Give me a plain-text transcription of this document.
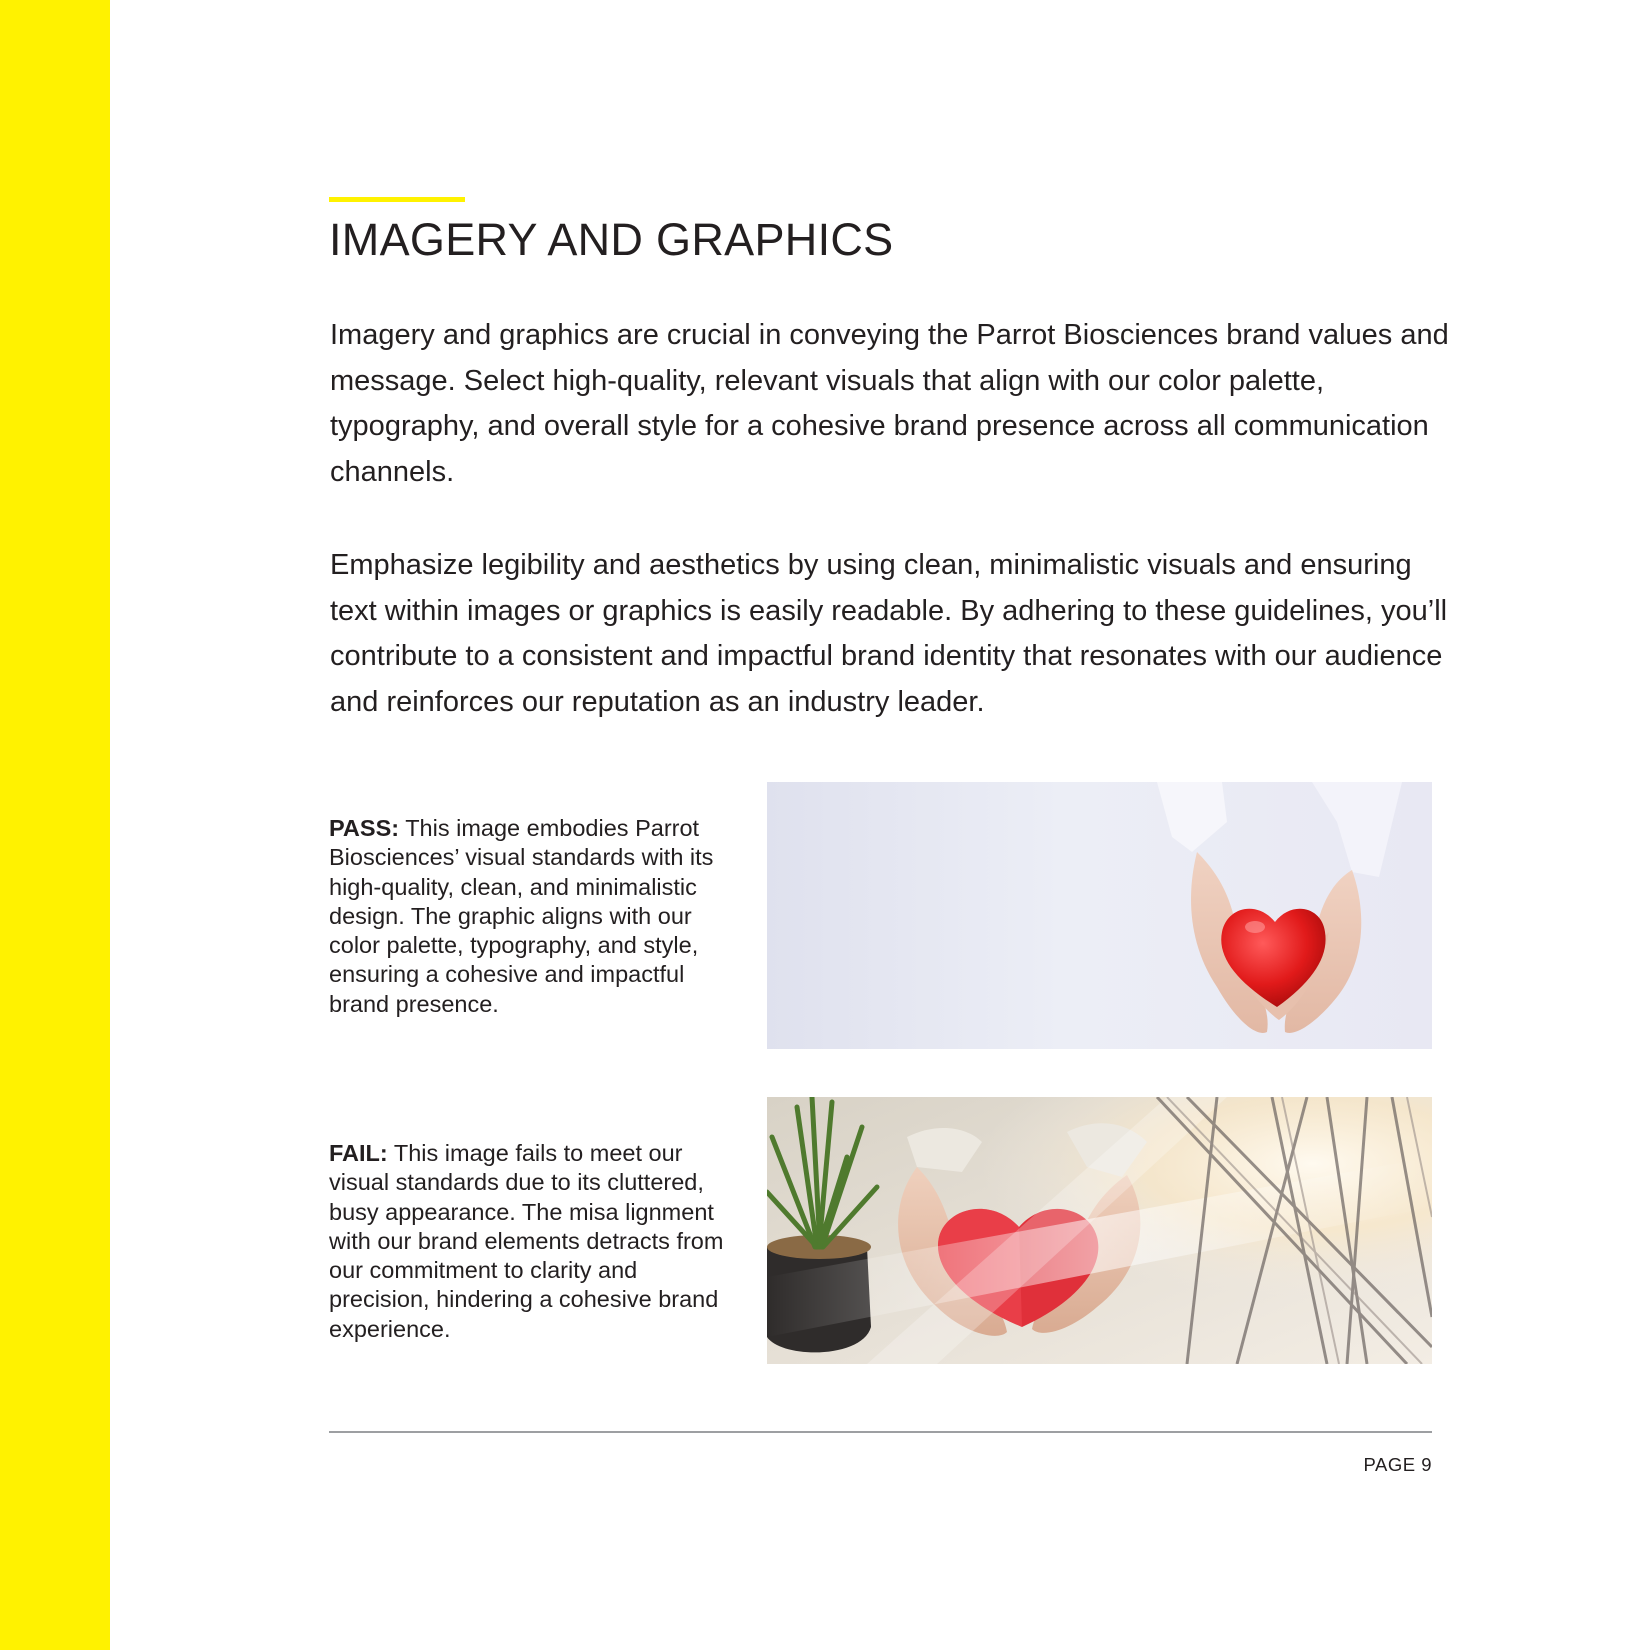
IMAGERY AND GRAPHICS

Imagery and graphics are crucial in conveying the Parrot Biosciences brand values and message. Select high-quality, relevant visuals that align with our color palette, typography, and overall style for a cohesive brand presence across all communication channels.

Emphasize legibility and aesthetics by using clean, minimalistic visuals and ensuring text within images or graphics is easily readable. By adhering to these guidelines, you’ll contribute to a consistent and impactful brand identity that resonates with our audience and reinforces our reputation as an industry leader.

PASS: This image embodies Parrot Biosciences’ visual standards with its high-quality, clean, and minimalistic design. The graphic aligns with our color palette, typography, and style, ensuring a cohesive and impactful brand presence.

FAIL: This image fails to meet our visual standards due to its cluttered, busy appearance. The misa lignment with our brand elements detracts from our commitment to clarity and precision, hindering a cohesive brand experience.

PAGE 9
